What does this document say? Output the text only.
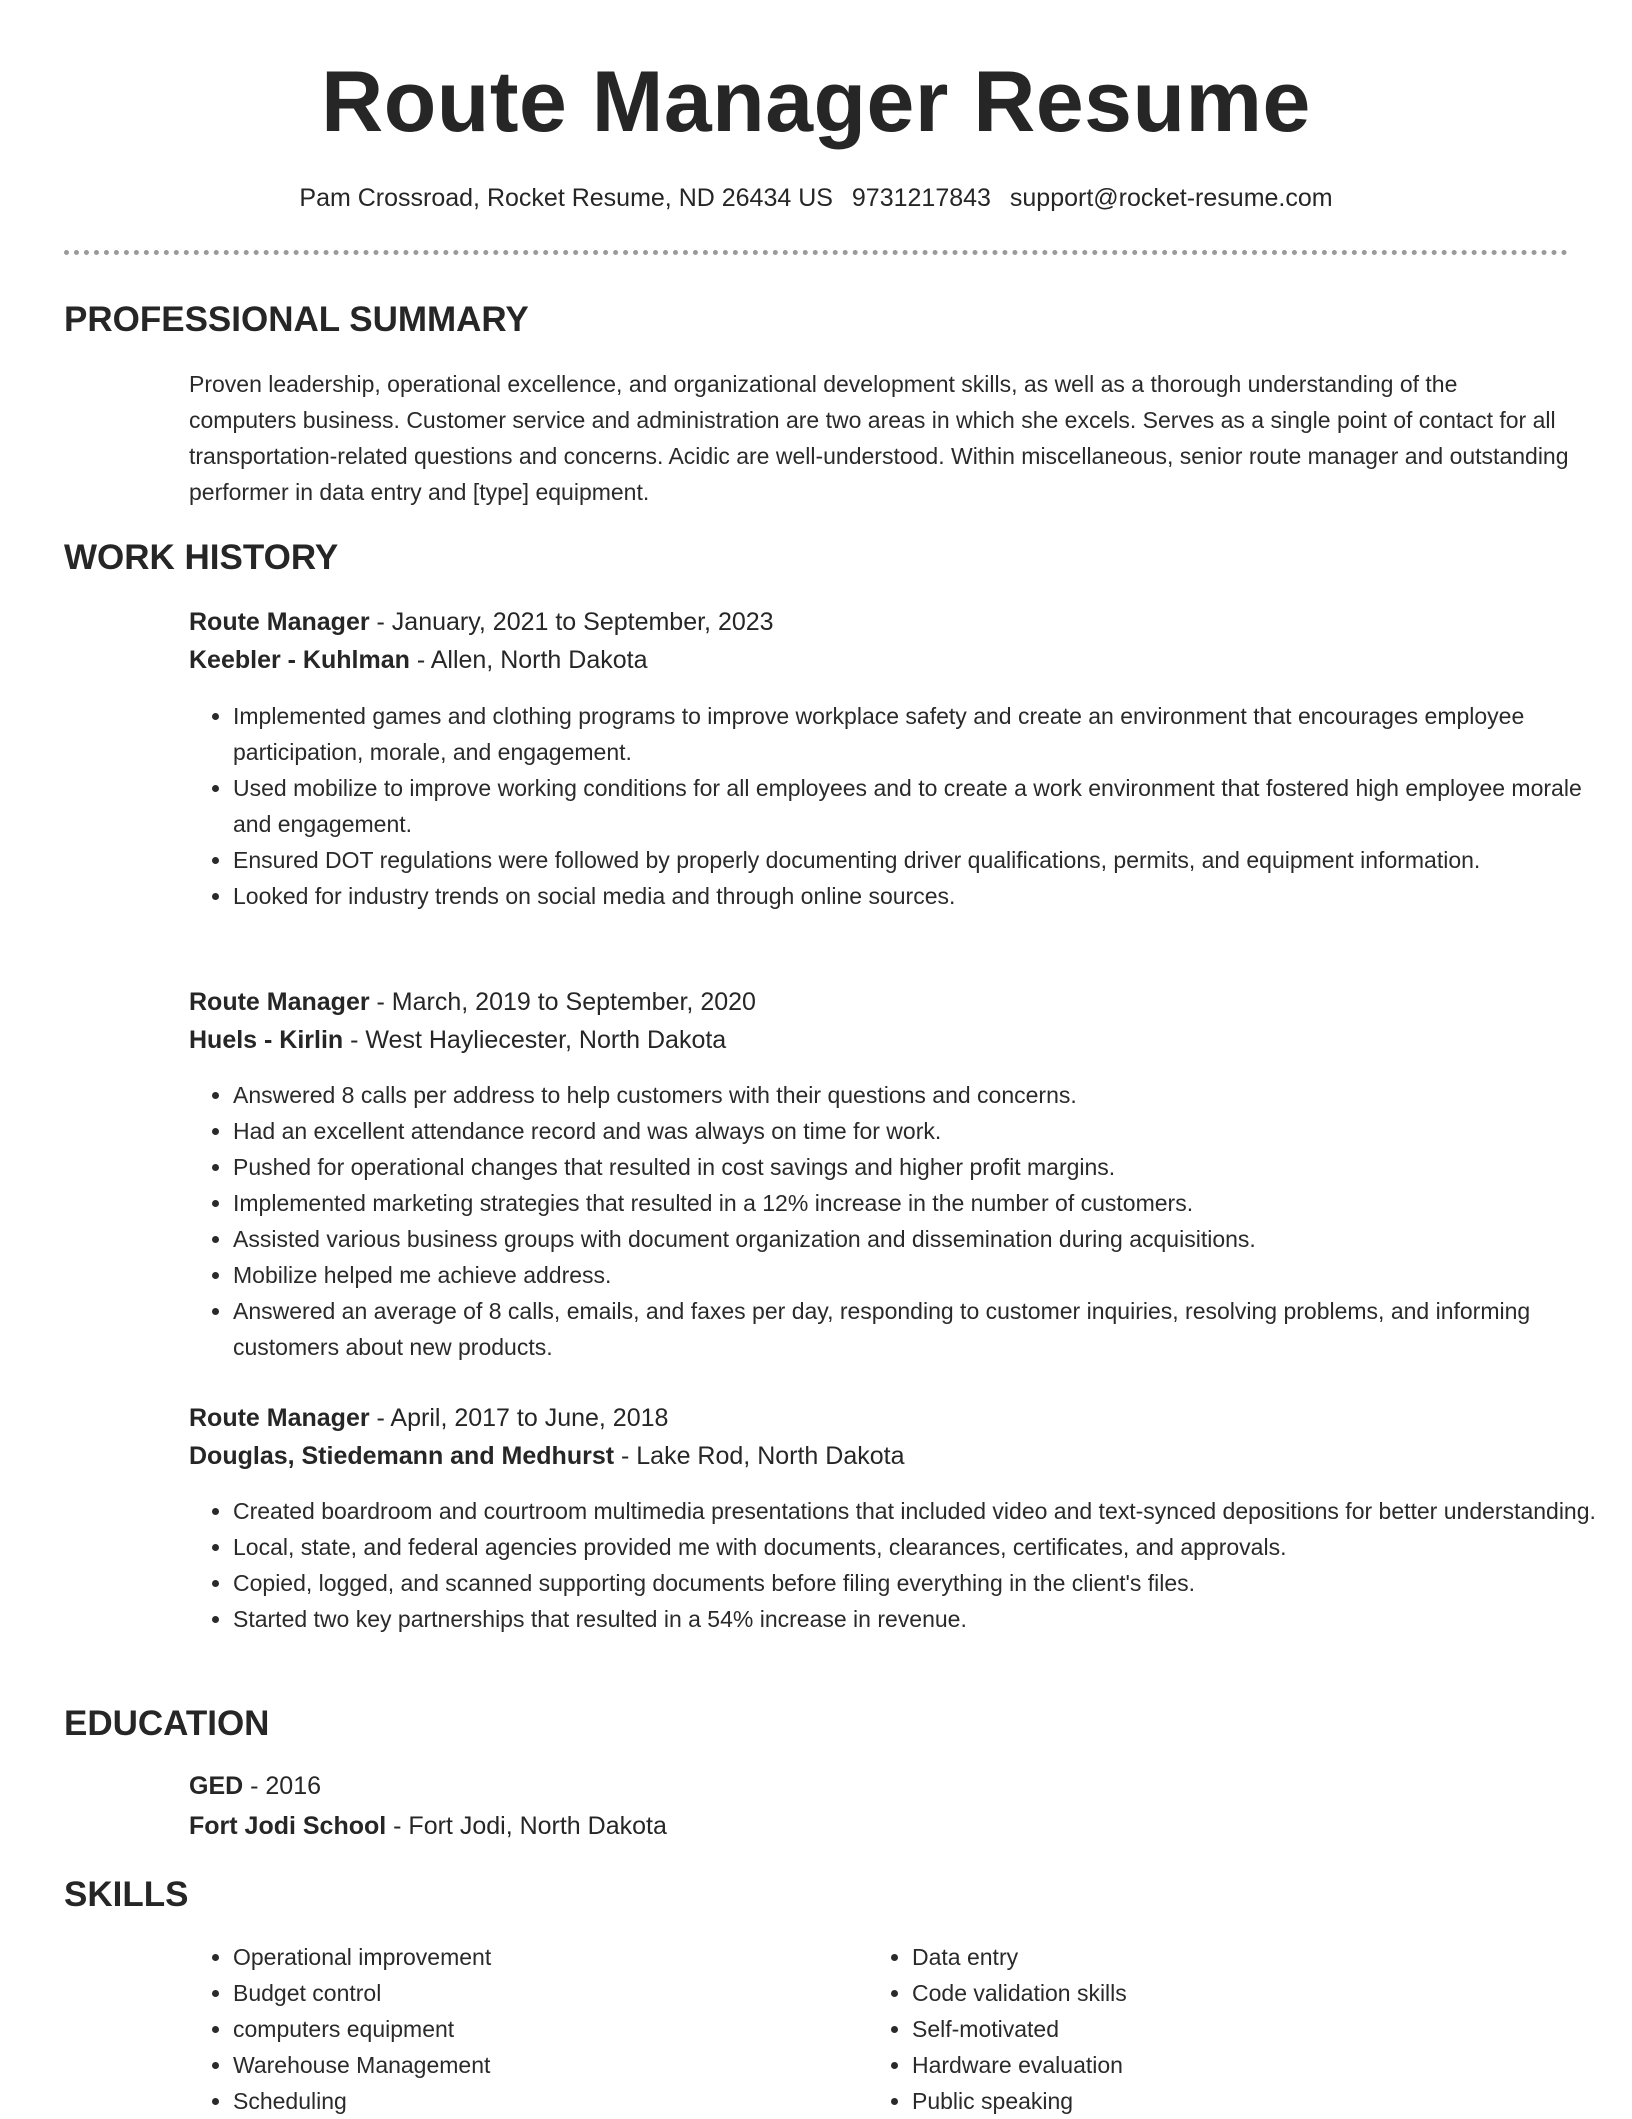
Route Manager Resume
Pam Crossroad, Rocket Resume, ND 26434 US 9731217843 support@rocket-resume.com
PROFESSIONAL SUMMARY

Proven leadership, operational excellence, and organizational development skills, as well as a thorough understanding of the computers business. Customer service and administration are two areas in which she excels. Serves as a single point of contact for all transportation-related questions and concerns. Acidic are well-understood. Within miscellaneous, senior route manager and outstanding performer in data entry and [type] equipment.

WORK HISTORY
Route Manager - January, 2021 to September, 2023
Keebler - Kuhlman - Allen, North Dakota
• Implemented games and clothing programs to improve workplace safety and create an environment that encourages employee participation, morale, and engagement.
• Used mobilize to improve working conditions for all employees and to create a work environment that fostered high employee morale and engagement.
• Ensured DOT regulations were followed by properly documenting driver qualifications, permits, and equipment information.
• Looked for industry trends on social media and through online sources.
Route Manager - March, 2019 to September, 2020
Huels - Kirlin - West Hayliecester, North Dakota
• Answered 8 calls per address to help customers with their questions and concerns.
• Had an excellent attendance record and was always on time for work.
• Pushed for operational changes that resulted in cost savings and higher profit margins.
• Implemented marketing strategies that resulted in a 12% increase in the number of customers.
• Assisted various business groups with document organization and dissemination during acquisitions.
• Mobilize helped me achieve address.
• Answered an average of 8 calls, emails, and faxes per day, responding to customer inquiries, resolving problems, and informing customers about new products.
Route Manager - April, 2017 to June, 2018
Douglas, Stiedemann and Medhurst - Lake Rod, North Dakota
• Created boardroom and courtroom multimedia presentations that included video and text-synced depositions for better understanding.
• Local, state, and federal agencies provided me with documents, clearances, certificates, and approvals.
• Copied, logged, and scanned supporting documents before filing everything in the client's files.
• Started two key partnerships that resulted in a 54% increase in revenue.
EDUCATION
GED - 2016
Fort Jodi School - Fort Jodi, North Dakota
SKILLS
• Operational improvement
• Budget control
• computers equipment
• Warehouse Management
• Scheduling
• Data entry
• Code validation skills
• Self-motivated
• Hardware evaluation
• Public speaking
